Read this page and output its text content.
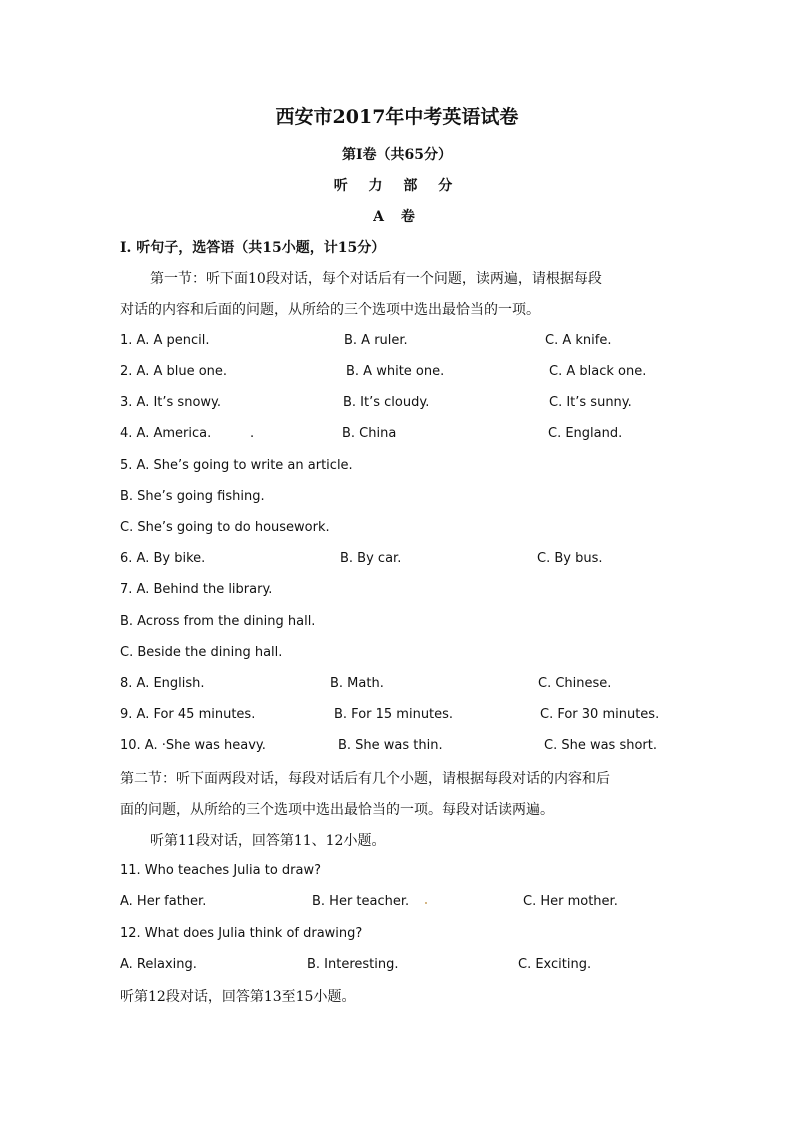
西安市2017年中考英语试卷
第Ⅰ卷（共65分）
听 力 部 分
A 卷
I. 听句子，选答语（共15小题，计15分）
第一节：听下面10段对话，每个对话后有一个问题，读两遍，请根据每段
对话的内容和后面的问题，从所给的三个选项中选出最恰当的一项。
1. A. A pencil.	B. A ruler.	C. A knife.
2. A. A blue one.	B. A white one.	C. A black one.
3. A. It’s snowy.	B. It’s cloudy.	C. It’s sunny.
4. A. America.	.	B. China	C. England.
5. A. She’s going to write an article.
B. She’s going fishing.
C. She’s going to do housework.
6. A. By bike.	B. By car.	C. By bus.
7. A. Behind the library.
B. Across from the dining hall.
C. Beside the dining hall.
8. A. English.	B. Math.	C. Chinese.
9. A. For 45 minutes.	B. For 15 minutes.	C. For 30 minutes.
10. A. ·She was heavy.	B. She was thin.	C. She was short.
第二节：听下面两段对话，每段对话后有几个小题，请根据每段对话的内容和后
面的问题，从所给的三个选项中选出最恰当的一项。每段对话读两遍。
听第11段对话，回答第11、12小题。
11. Who teaches Julia to draw?
A. Her father.	B. Her teacher.	C. Her mother.
12. What does Julia think of drawing?
A. Relaxing.	B. Interesting.	C. Exciting.
听第12段对话，回答第13至15小题。
